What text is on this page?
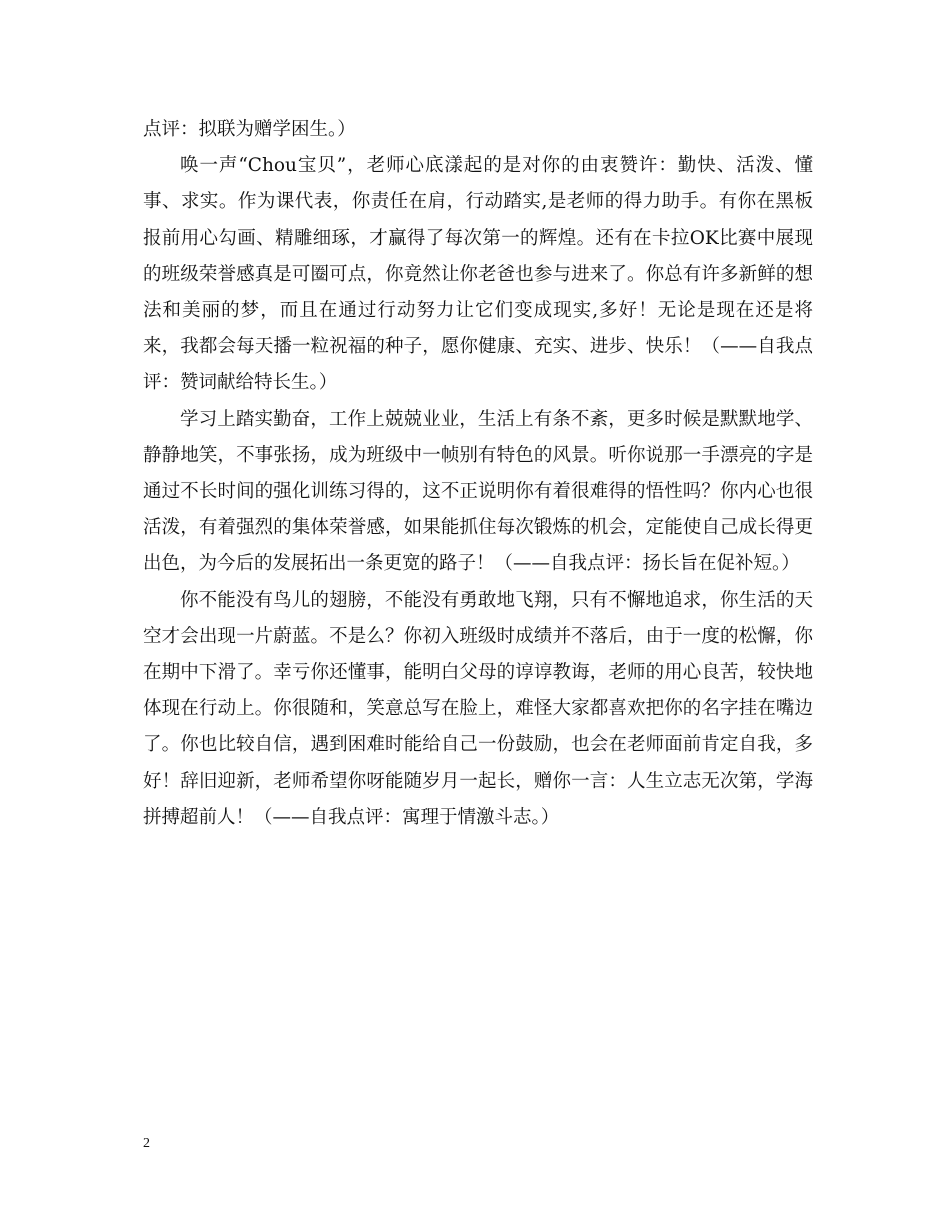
点评：拟联为赠学困生。）

唤一声“Chou宝贝”，老师心底漾起的是对你的由衷赞许：勤快、活泼、懂事、求实。作为课代表，你责任在肩，行动踏实,是老师的得力助手。有你在黑板报前用心勾画、精雕细琢，才赢得了每次第一的辉煌。还有在卡拉OK比赛中展现的班级荣誉感真是可圈可点，你竟然让你老爸也参与进来了。你总有许多新鲜的想法和美丽的梦，而且在通过行动努力让它们变成现实,多好！无论是现在还是将来，我都会每天播一粒祝福的种子，愿你健康、充实、进步、快乐！（——自我点评：赞词献给特长生。）

学习上踏实勤奋，工作上兢兢业业，生活上有条不紊，更多时候是默默地学、静静地笑，不事张扬，成为班级中一帧别有特色的风景。听你说那一手漂亮的字是通过不长时间的强化训练习得的，这不正说明你有着很难得的悟性吗？你内心也很活泼，有着强烈的集体荣誉感，如果能抓住每次锻炼的机会，定能使自己成长得更出色，为今后的发展拓出一条更宽的路子！（——自我点评：扬长旨在促补短。）

你不能没有鸟儿的翅膀，不能没有勇敢地飞翔，只有不懈地追求，你生活的天空才会出现一片蔚蓝。不是么？你初入班级时成绩并不落后，由于一度的松懈，你在期中下滑了。幸亏你还懂事，能明白父母的谆谆教诲，老师的用心良苦，较快地体现在行动上。你很随和，笑意总写在脸上，难怪大家都喜欢把你的名字挂在嘴边了。你也比较自信，遇到困难时能给自己一份鼓励，也会在老师面前肯定自我，多好！辞旧迎新，老师希望你呀能随岁月一起长，赠你一言：人生立志无次第，学海拼搏超前人！（——自我点评：寓理于情激斗志。）

2
